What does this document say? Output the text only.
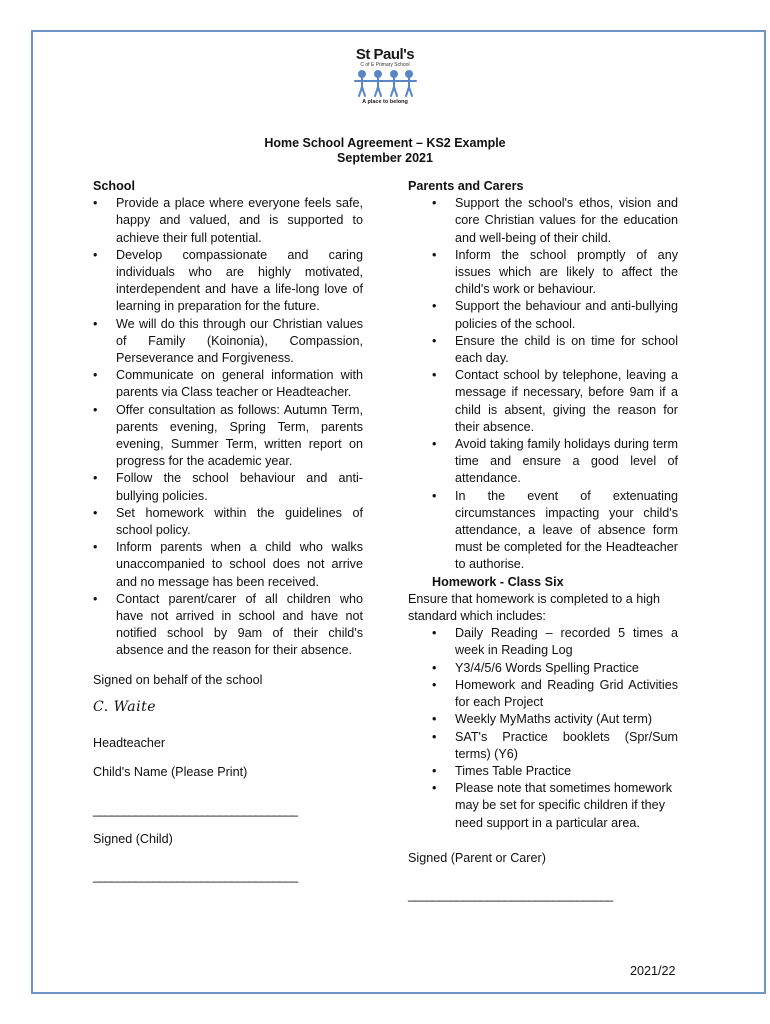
St Paul's
C of E Primary School
A place to belong
Home School Agreement – KS2 Example
September 2021
School
• Provide a place where everyone feels safe, happy and valued, and is supported to achieve their full potential.
• Develop compassionate and caring individuals who are highly motivated, interdependent and have a life-long love of learning in preparation for the future.
• We will do this through our Christian values of Family (Koinonia), Compassion, Perseverance and Forgiveness.
• Communicate on general information with parents via Class teacher or Headteacher.
• Offer consultation as follows: Autumn Term, parents evening, Spring Term, parents evening, Summer Term, written report on progress for the academic year.
• Follow the school behaviour and anti-bullying policies.
• Set homework within the guidelines of school policy.
• Inform parents when a child who walks unaccompanied to school does not arrive and no message has been received.
• Contact parent/carer of all children who have not arrived in school and have not notified school by 9am of their child's absence and the reason for their absence.
Signed on behalf of the school
C. Waite
Headteacher
Child's Name (Please Print)
__________________________________
Signed (Child)
__________________________________
Parents and Carers
• Support the school's ethos, vision and core Christian values for the education and well-being of their child.
• Inform the school promptly of any issues which are likely to affect the child's work or behaviour.
• Support the behaviour and anti-bullying policies of the school.
• Ensure the child is on time for school each day.
• Contact school by telephone, leaving a message if necessary, before 9am if a child is absent, giving the reason for their absence.
• Avoid taking family holidays during term time and ensure a good level of attendance.
• In the event of extenuating circumstances impacting your child's attendance, a leave of absence form must be completed for the Headteacher to authorise.
Homework - Class Six
Ensure that homework is completed to a high standard which includes:
• Daily Reading – recorded 5 times a week in Reading Log
• Y3/4/5/6 Words Spelling Practice
• Homework and Reading Grid Activities for each Project
• Weekly MyMaths activity (Aut term)
• SAT's Practice booklets (Spr/Sum terms) (Y6)
• Times Table Practice
• Please note that sometimes homework may be set for specific children if they need support in a particular area.
Signed (Parent or Carer)
__________________________________
2021/22
